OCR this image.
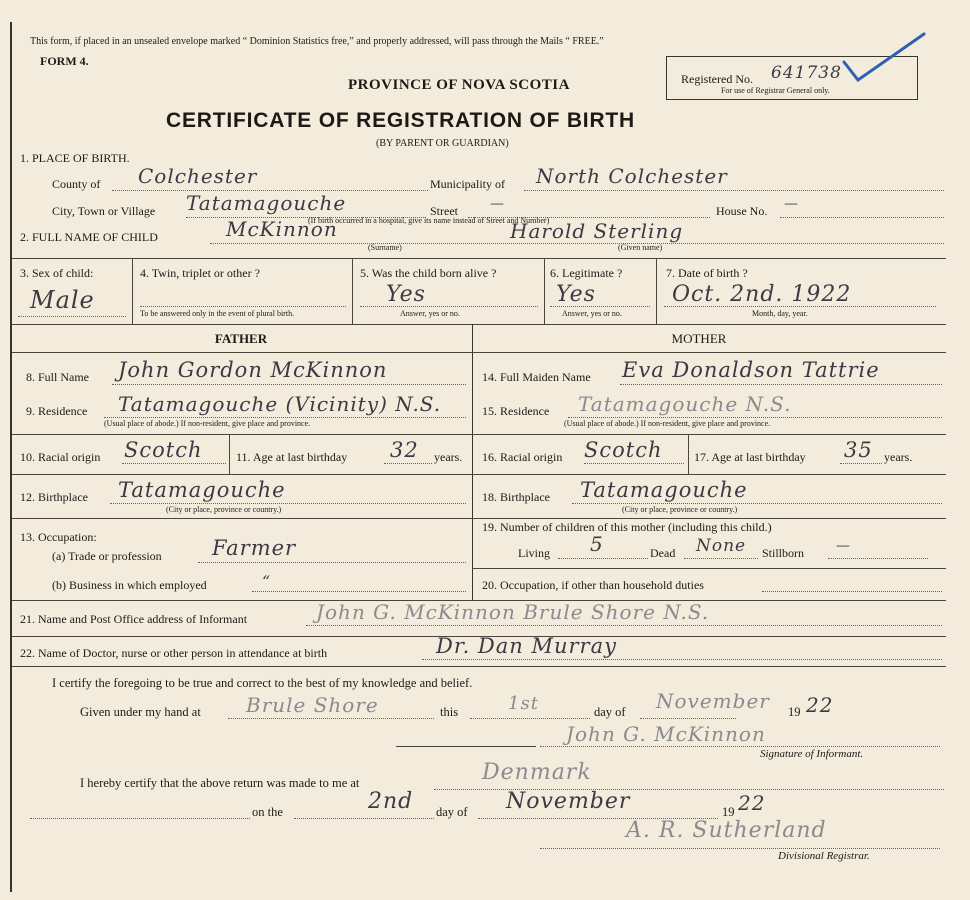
This form, if placed in an unsealed envelope marked “ Dominion Statistics free,” and properly addressed, will pass through the Mails “ FREE.”
FORM 4.
PROVINCE OF NOVA SCOTIA
CERTIFICATE OF REGISTRATION OF BIRTH
(BY PARENT OR GUARDIAN)
Registered No. 641738
For use of Registrar General only.
1. PLACE OF BIRTH.
County of Colchester	Municipality of North Colchester
City, Town or Village Tatamagouche	Street —	House No. —
(If birth occurred in a hospital, give its name instead of Street and Number)
2. FULL NAME OF CHILD	McKinnon	Harold Sterling
(Surname)	(Given name)
3. Sex of child:
Male
4. Twin, triplet or other ?
To be answered only in the event of plural birth.
5. Was the child born alive ?
Yes
Answer, yes or no.
6. Legitimate ?
Yes
Answer, yes or no.
7. Date of birth ?
Oct. 2nd. 1922
Month, day, year.
FATHER	MOTHER
8. Full Name John Gordon McKinnon
9. Residence Tatamagouche (Vicinity) N.S.
(Usual place of abode.) If non-resident, give place and province.
10. Racial origin Scotch	11. Age at last birthday 32 years.
12. Birthplace Tatamagouche
(City or place, province or country.)
13. Occupation:
(a) Trade or profession Farmer
(b) Business in which employed	“
14. Full Maiden Name Eva Donaldson Tattrie
15. Residence Tatamagouche N.S.
(Usual place of abode.) If non-resident, give place and province.
16. Racial origin Scotch	17. Age at last birthday 35 years.
18. Birthplace Tatamagouche
(City or place, province or country.)
19. Number of children of this mother (including this child.)
Living 5	Dead None Stillborn —
20. Occupation, if other than household duties
21. Name and Post Office address of Informant	John G. McKinnon Brule Shore N.S.
22. Name of Doctor, nurse or other person in attendance at birth	Dr. Dan Murray
I certify the foregoing to be true and correct to the best of my knowledge and belief.
Given under my hand at Brule Shore	this	1st	day of November 19 22
John G. McKinnon
Signature of Informant.
I hereby certify that the above return was made to me at	Denmark
on the	2nd day of November	19 22
A. R. Sutherland
Divisional Registrar.
